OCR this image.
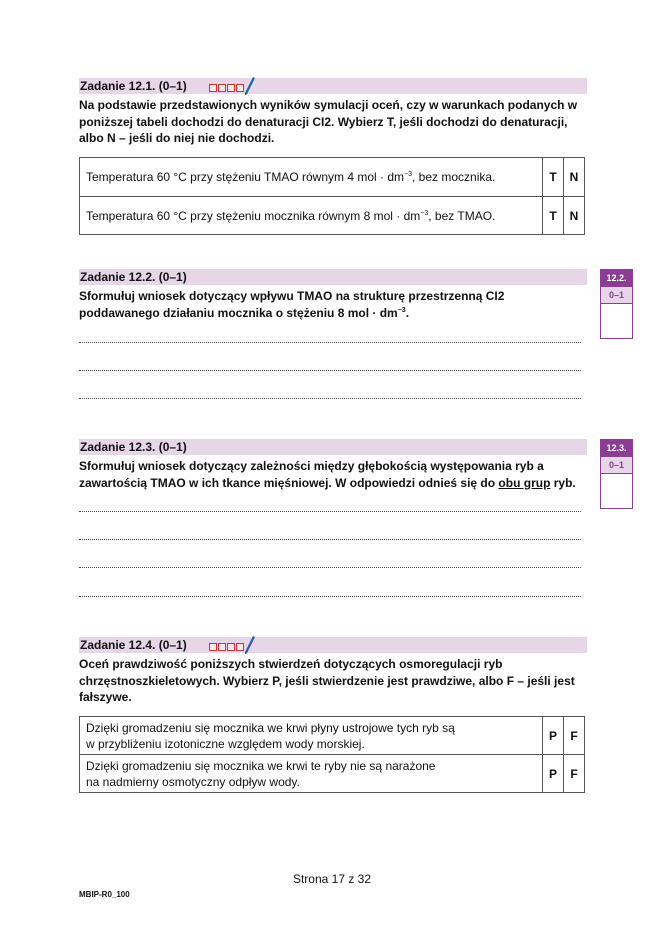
Zadanie 12.1. (0–1)
Na podstawie przedstawionych wyników symulacji oceń, czy w warunkach podanych w poniższej tabeli dochodzi do denaturacji CI2. Wybierz T, jeśli dochodzi do denaturacji, albo N – jeśli do niej nie dochodzi.
Temperatura 60 °C przy stężeniu TMAO równym 4 mol · $dm^{-3}$, bez mocznika.	T	N
Temperatura 60 °C przy stężeniu mocznika równym 8 mol · $dm^{-3}$, bez TMAO.	T	N
Zadanie 12.2. (0–1)
Sformułuj wniosek dotyczący wpływu TMAO na strukturę przestrzenną CI2 poddawanego działaniu mocznika o stężeniu 8 mol · $dm^{-3}$.
12.2.
0–1
Zadanie 12.3. (0–1)
Sformułuj wniosek dotyczący zależności między głębokością występowania ryb a zawartością TMAO w ich tkance mięśniowej. W odpowiedzi odnieś się do obu grup ryb.
12.3.
0–1
Zadanie 12.4. (0–1)
Oceń prawdziwość poniższych stwierdzeń dotyczących osmoregulacji ryb chrzęstnoszkieletowych. Wybierz P, jeśli stwierdzenie jest prawdziwe, albo F – jeśli jest fałszywe.
Dzięki gromadzeniu się mocznika we krwi płyny ustrojowe tych ryb są
w przybliżeniu izotoniczne względem wody morskiej.	P	F
Dzięki gromadzeniu się mocznika we krwi te ryby nie są narażone
na nadmierny osmotyczny odpływ wody.	P	F
Strona 17 z 32
MBIP-R0_100
